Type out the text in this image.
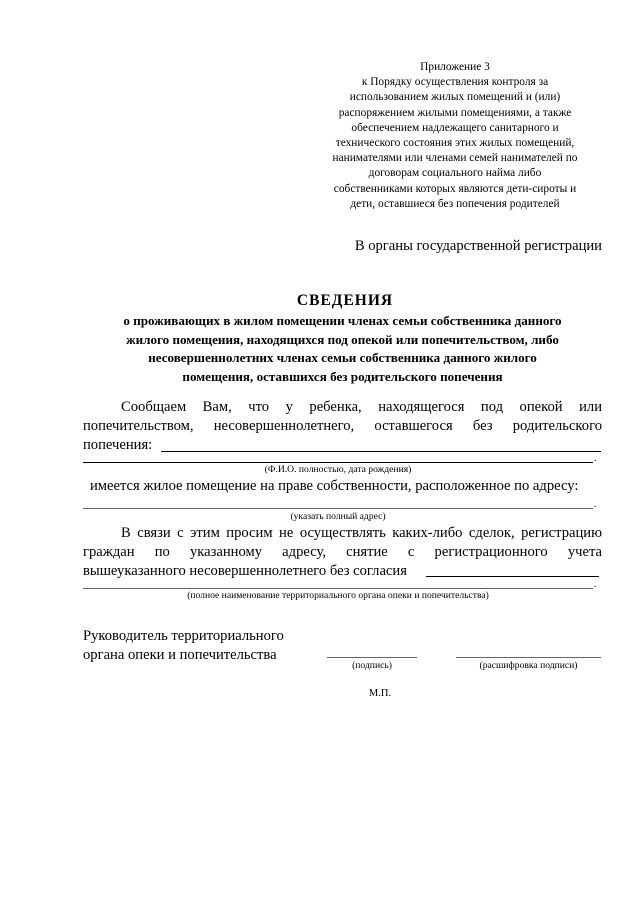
Приложение 3
к Порядку осуществления контроля за
использованием жилых помещений и (или)
распоряжением жилыми помещениями, а также
обеспечением надлежащего санитарного и
технического состояния этих жилых помещений,
нанимателями или членами семей нанимателей по
договорам социального найма либо
собственниками которых являются дети-сироты и
дети, оставшиеся без попечения родителей
В органы государственной регистрации
СВЕДЕНИЯ
о проживающих в жилом помещении членах семьи собственника данного
жилого помещения, находящихся под опекой или попечительством, либо
несовершеннолетних членах семьи собственника данного жилого
помещения, оставшихся без родительского попечения
Сообщаем Вам, что у ребенка, находящегося под опекой или
попечительством, несовершеннолетнего, оставшегося без родительского
попечения:
.
(Ф.И.О. полностью, дата рождения)
имеется жилое помещение на праве собственности, расположенное по адресу:
.
(указать полный адрес)
В связи с этим просим не осуществлять каких-либо сделок, регистрацию
граждан по указанному адресу, снятие с регистрационного учета
вышеуказанного несовершеннолетнего без согласия
.
(полное наименование территориального органа опеки и попечительства)
Руководитель территориального
органа опеки и попечительства
(подпись)	(расшифровка подписи)
М.П.
